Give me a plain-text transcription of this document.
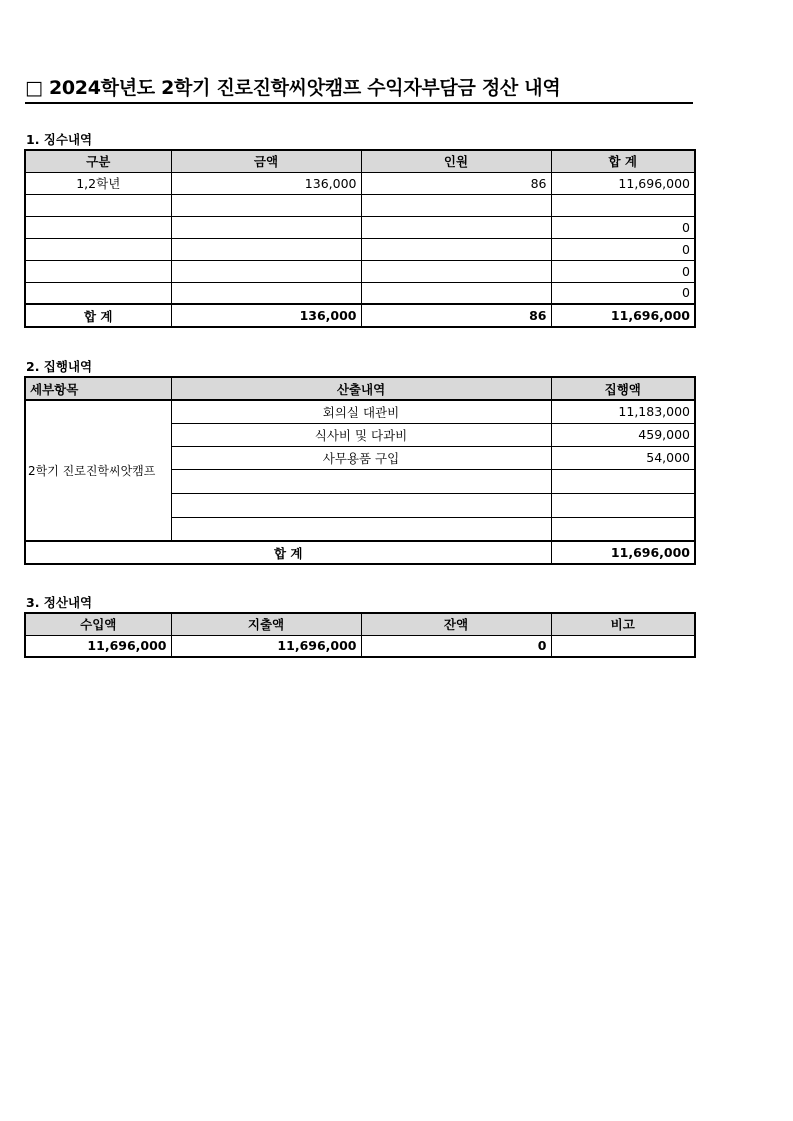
□ 2024학년도 2학기 진로진학씨앗캠프 수익자부담금 정산 내역
1. 징수내역
구분	금액	인원	합 계
1,2학년	136,000	86	11,696,000

			0
			0
			0
			0
합 계	136,000	86	11,696,000
2. 집행내역
세부항목	산출내역	집행액
2학기 진로진학씨앗캠프	회의실 대관비	11,183,000
	식사비 및 다과비	459,000
	사무용품 구입	54,000

합 계		11,696,000
3. 정산내역
수입액	지출액	잔액	비고
11,696,000	11,696,000	0	
